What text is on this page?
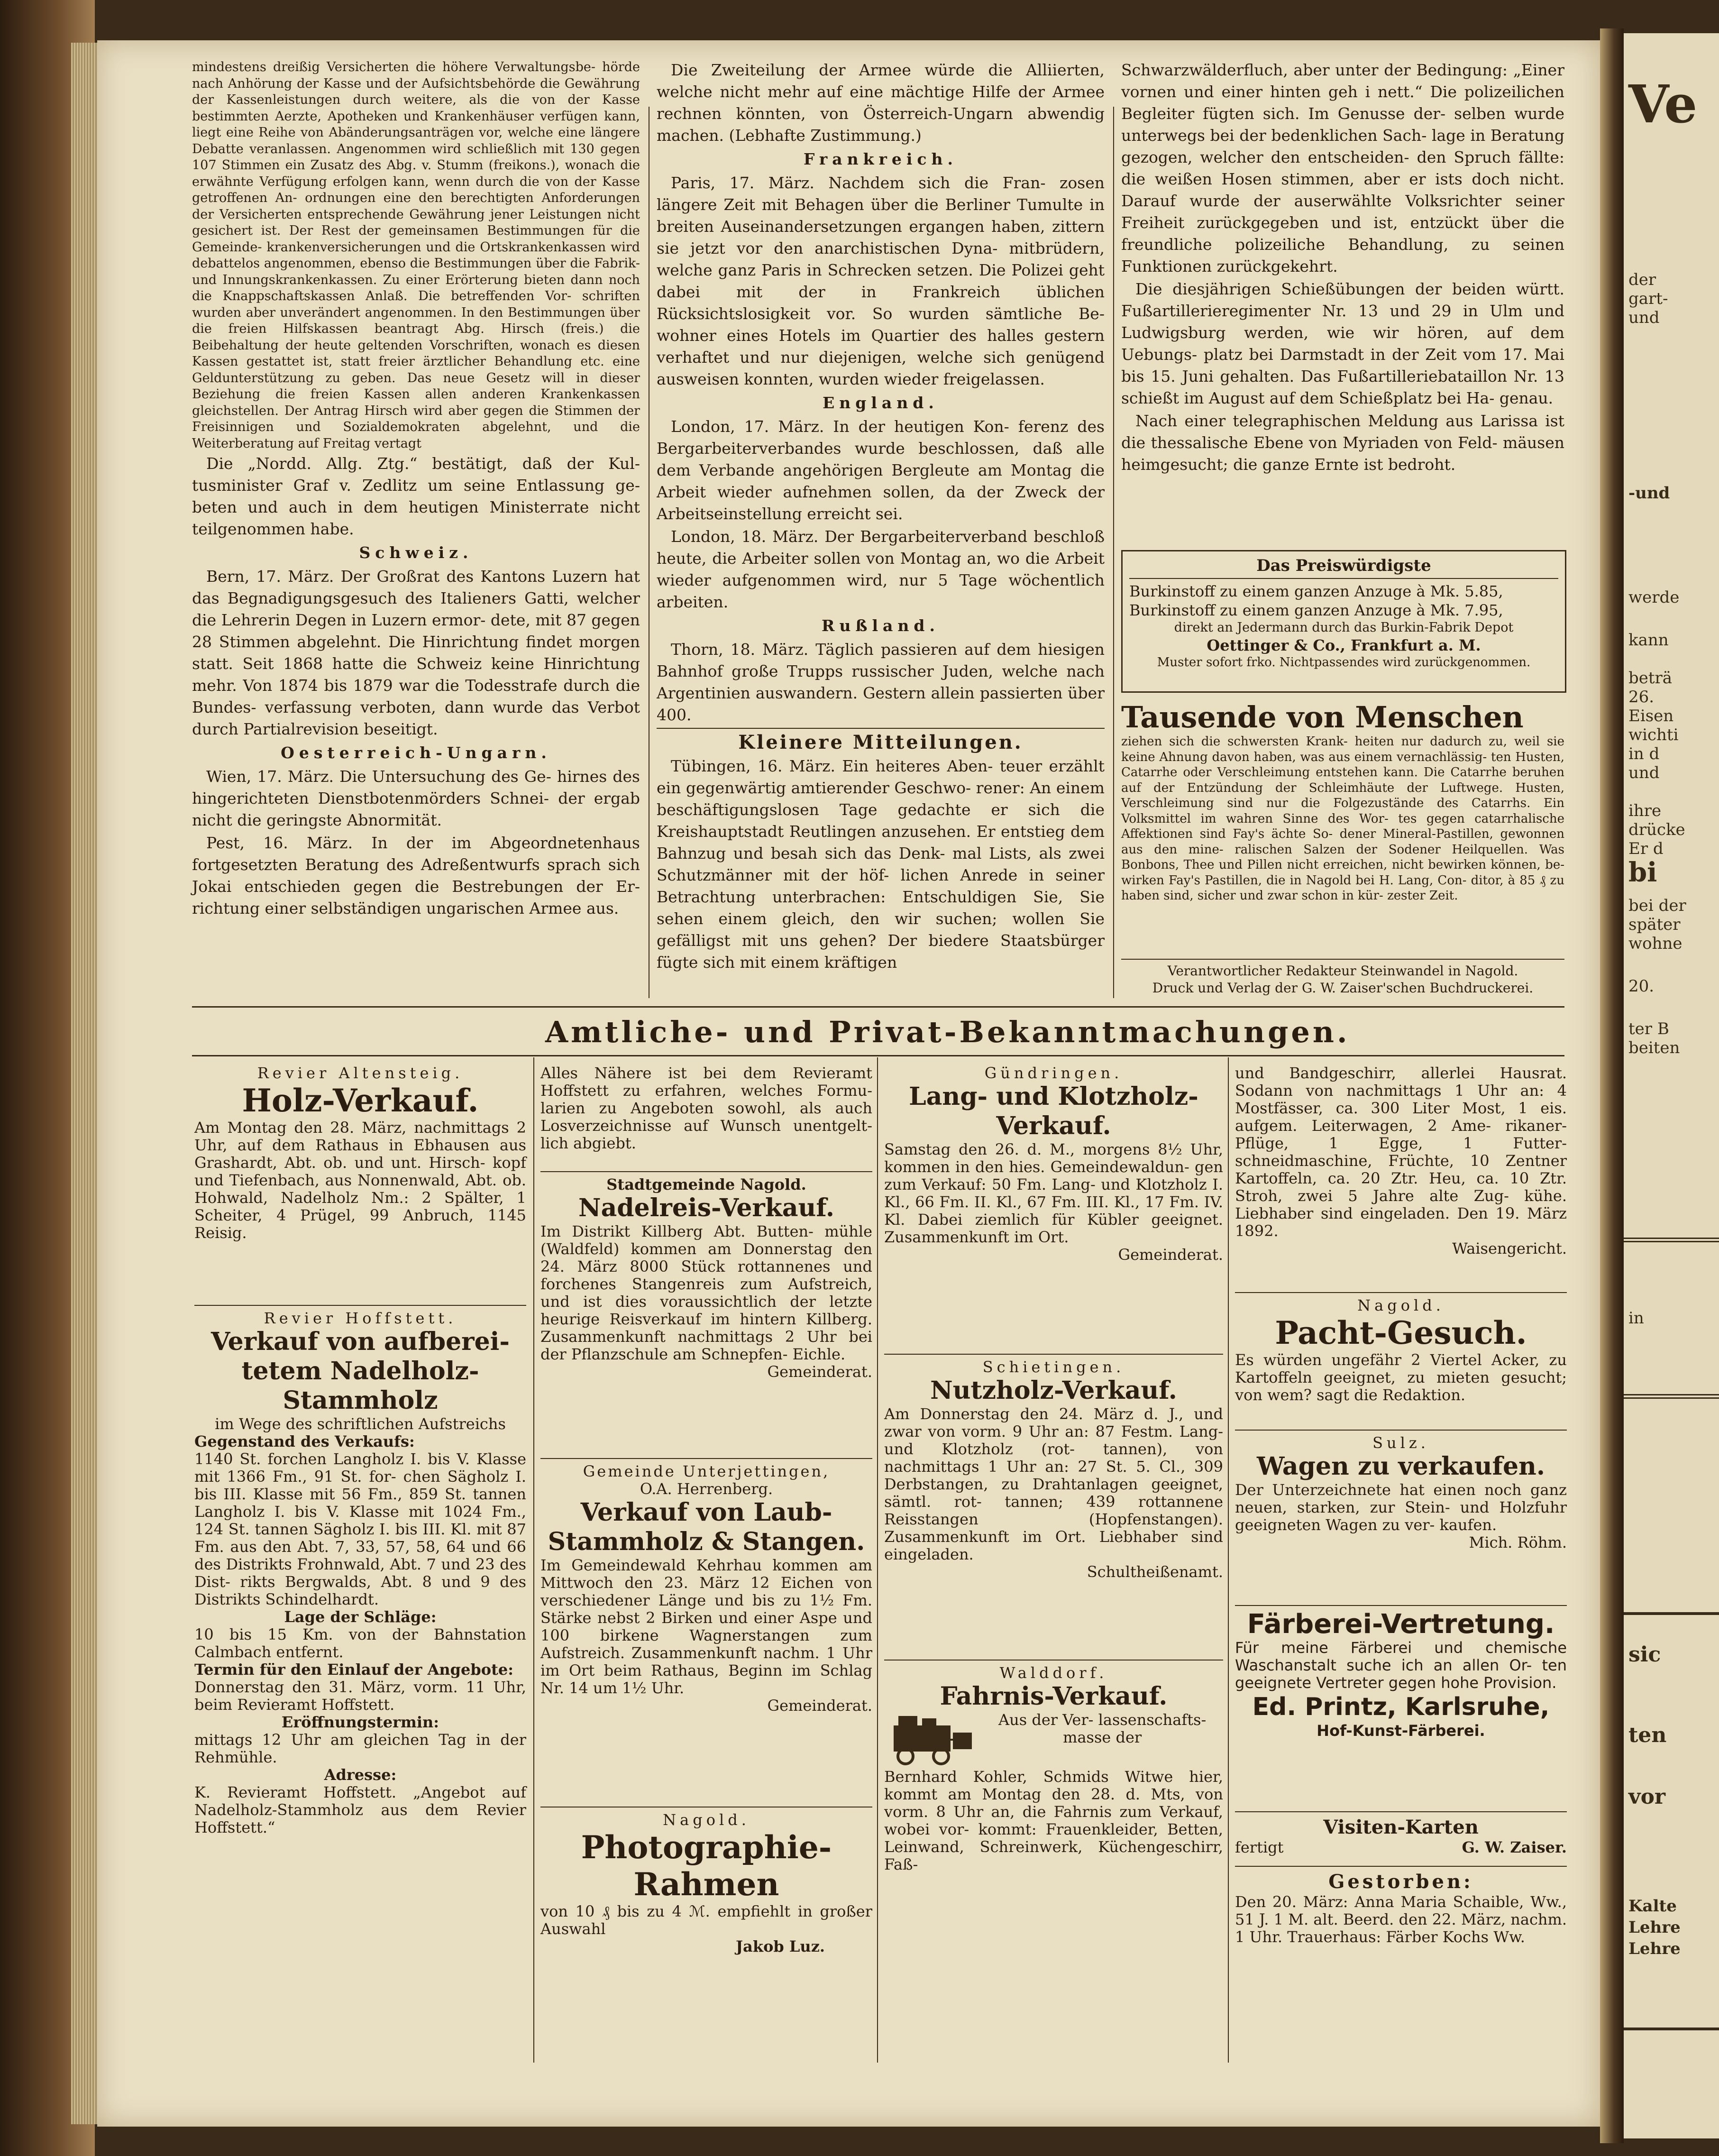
mindestens dreißig Versicherten die höhere Verwaltungsbe- hörde nach Anhörung der Kasse und der Aufsichtsbehörde die Gewährung der Kassenleistungen durch weitere, als die von der Kasse bestimmten Aerzte, Apotheken und Krankenhäuser verfügen kann, liegt eine Reihe von Abänderungsanträgen vor, welche eine längere Debatte veranlassen. Angenommen wird schließlich mit 130 gegen 107 Stimmen ein Zusatz des Abg. v. Stumm (freikons.), wonach die erwähnte Verfügung erfolgen kann, wenn durch die von der Kasse getroffenen An- ordnungen eine den berechtigten Anforderungen der Versicherten entsprechende Gewährung jener Leistungen nicht gesichert ist. Der Rest der gemeinsamen Bestimmungen für die Gemeinde- krankenversicherungen und die Ortskrankenkassen wird debattelos angenommen, ebenso die Bestimmungen über die Fabrik- und Innungskrankenkassen. Zu einer Erörterung bieten dann noch die Knappschaftskassen Anlaß. Die betreffenden Vor- schriften wurden aber unverändert angenommen. In den Bestimmungen über die freien Hilfskassen beantragt Abg. Hirsch (freis.) die Beibehaltung der heute geltenden Vorschriften, wonach es diesen Kassen gestattet ist, statt freier ärztlicher Behandlung etc. eine Geldunterstützung zu geben. Das neue Gesetz will in dieser Beziehung die freien Kassen allen anderen Krankenkassen gleichstellen. Der Antrag Hirsch wird aber gegen die Stimmen der Freisinnigen und Sozialdemokraten abgelehnt, und die Weiterberatung auf Freitag vertagt

Die „Nordd. Allg. Ztg.“ bestätigt, daß der Kul- tusminister Graf v. Zedlitz um seine Entlassung ge- beten und auch in dem heutigen Ministerrate nicht teilgenommen habe.

Schweiz.

Bern, 17. März. Der Großrat des Kantons Luzern hat das Begnadigungsgesuch des Italieners Gatti, welcher die Lehrerin Degen in Luzern ermor- dete, mit 87 gegen 28 Stimmen abgelehnt. Die Hinrichtung findet morgen statt. Seit 1868 hatte die Schweiz keine Hinrichtung mehr. Von 1874 bis 1879 war die Todesstrafe durch die Bundes- verfassung verboten, dann wurde das Verbot durch Partialrevision beseitigt.

Oesterreich-Ungarn.

Wien, 17. März. Die Untersuchung des Ge- hirnes des hingerichteten Dienstbotenmörders Schnei- der ergab nicht die geringste Abnormität.

Pest, 16. März. In der im Abgeordnetenhaus fortgesetzten Beratung des Adreßentwurfs sprach sich Jokai entschieden gegen die Bestrebungen der Er- richtung einer selbständigen ungarischen Armee aus.

Die Zweiteilung der Armee würde die Alliierten, welche nicht mehr auf eine mächtige Hilfe der Armee rechnen könnten, von Österreich-Ungarn abwendig machen. (Lebhafte Zustimmung.)

Frankreich.

Paris, 17. März. Nachdem sich die Fran- zosen längere Zeit mit Behagen über die Berliner Tumulte in breiten Auseinandersetzungen ergangen haben, zittern sie jetzt vor den anarchistischen Dyna- mitbrüdern, welche ganz Paris in Schrecken setzen. Die Polizei geht dabei mit der in Frankreich üblichen Rücksichtslosigkeit vor. So wurden sämtliche Be- wohner eines Hotels im Quartier des halles gestern verhaftet und nur diejenigen, welche sich genügend ausweisen konnten, wurden wieder freigelassen.

England.

London, 17. März. In der heutigen Kon- ferenz des Bergarbeiterverbandes wurde beschlossen, daß alle dem Verbande angehörigen Bergleute am Montag die Arbeit wieder aufnehmen sollen, da der Zweck der Arbeitseinstellung erreicht sei.

London, 18. März. Der Bergarbeiterverband beschloß heute, die Arbeiter sollen von Montag an, wo die Arbeit wieder aufgenommen wird, nur 5 Tage wöchentlich arbeiten.

Rußland.

Thorn, 18. März. Täglich passieren auf dem hiesigen Bahnhof große Trupps russischer Juden, welche nach Argentinien auswandern. Gestern allein passierten über 400.

Kleinere Mitteilungen.

Tübingen, 16. März. Ein heiteres Aben- teuer erzählt ein gegenwärtig amtierender Geschwo- rener: An einem beschäftigungslosen Tage gedachte er sich die Kreishauptstadt Reutlingen anzusehen. Er entstieg dem Bahnzug und besah sich das Denk- mal Lists, als zwei Schutzmänner mit der höf- lichen Anrede in seiner Betrachtung unterbrachen: Entschuldigen Sie, Sie sehen einem gleich, den wir suchen; wollen Sie gefälligst mit uns gehen? Der biedere Staatsbürger fügte sich mit einem kräftigen

Schwarzwälderfluch, aber unter der Bedingung: „Einer vornen und einer hinten geh i nett.“ Die polizeilichen Begleiter fügten sich. Im Genusse der- selben wurde unterwegs bei der bedenklichen Sach- lage in Beratung gezogen, welcher den entscheiden- den Spruch fällte: die weißen Hosen stimmen, aber er ists doch nicht. Darauf wurde der auserwählte Volksrichter seiner Freiheit zurückgegeben und ist, entzückt über die freundliche polizeiliche Behandlung, zu seinen Funktionen zurückgekehrt.

Die diesjährigen Schießübungen der beiden württ. Fußartillerieregimenter Nr. 13 und 29 in Ulm und Ludwigsburg werden, wie wir hören, auf dem Uebungs- platz bei Darmstadt in der Zeit vom 17. Mai bis 15. Juni gehalten. Das Fußartilleriebataillon Nr. 13 schießt im August auf dem Schießplatz bei Ha- genau.

Nach einer telegraphischen Meldung aus Larissa ist die thessalische Ebene von Myriaden von Feld- mäusen heimgesucht; die ganze Ernte ist bedroht.

Das Preiswürdigste
Burkinstoff zu einem ganzen Anzuge à Mk. 5.85,
Burkinstoff zu einem ganzen Anzuge à Mk. 7.95,
direkt an Jedermann durch das Burkin-Fabrik Depot
Oettinger & Co., Frankfurt a. M.
Muster sofort frko. Nichtpassendes wird zurückgenommen.
Tausende von Menschen
ziehen sich die schwersten Krank- heiten nur dadurch zu, weil sie keine Ahnung davon haben, was aus einem vernachlässig- ten Husten, Catarrhe oder Verschleimung entstehen kann. Die Catarrhe beruhen auf der Entzündung der Schleimhäute der Luftwege. Husten, Verschleimung sind nur die Folgezustände des Catarrhs. Ein Volksmittel im wahren Sinne des Wor- tes gegen catarrhalische Affektionen sind Fay's ächte So- dener Mineral-Pastillen, gewonnen aus den mine- ralischen Salzen der Sodener Heilquellen. Was Bonbons, Thee und Pillen nicht erreichen, nicht bewirken können, be- wirken Fay's Pastillen, die in Nagold bei H. Lang, Con- ditor, à 85 ₰ zu haben sind, sicher und zwar schon in kür- zester Zeit.
Verantwortlicher Redakteur Steinwandel in Nagold.
Druck und Verlag der G. W. Zaiser'schen Buchdruckerei.
Amtliche- und Privat-Bekanntmachungen.
Revier Altensteig.
Holz-Verkauf.
Am Montag den 28. März, nachmittags 2 Uhr, auf dem Rathaus in Ebhausen aus Grashardt, Abt. ob. und unt. Hirsch- kopf und Tiefenbach, aus Nonnenwald, Abt. ob. Hohwald, Nadelholz Nm.: 2 Spälter, 1 Scheiter, 4 Prügel, 99 Anbruch, 1145 Reisig.
Revier Hoffstett.
Verkauf von aufberei- tetem Nadelholz- Stammholz
im Wege des schriftlichen Aufstreichs
Gegenstand des Verkaufs:
1140 St. forchen Langholz I. bis V. Klasse mit 1366 Fm., 91 St. for- chen Sägholz I. bis III. Klasse mit 56 Fm., 859 St. tannen Langholz I. bis V. Klasse mit 1024 Fm., 124 St. tannen Sägholz I. bis III. Kl. mit 87 Fm. aus den Abt. 7, 33, 57, 58, 64 und 66 des Distrikts Frohnwald, Abt. 7 und 23 des Dist- rikts Bergwalds, Abt. 8 und 9 des Distrikts Schindelhardt.
Lage der Schläge:
10 bis 15 Km. von der Bahnstation Calmbach entfernt.
Termin für den Einlauf der Angebote:
Donnerstag den 31. März, vorm. 11 Uhr, beim Revieramt Hoffstett.
Eröffnungstermin:
mittags 12 Uhr am gleichen Tag in der Rehmühle.
Adresse:
K. Revieramt Hoffstett. „Angebot auf Nadelholz-Stammholz aus dem Revier Hoffstett.“
Alles Nähere ist bei dem Revieramt Hoffstett zu erfahren, welches Formu- larien zu Angeboten sowohl, als auch Losverzeichnisse auf Wunsch unentgelt- lich abgiebt.
Stadtgemeinde Nagold.
Nadelreis-Verkauf.
Im Distrikt Killberg Abt. Butten- mühle (Waldfeld) kommen am Donnerstag den 24. März 8000 Stück rottannenes und forchenes Stangenreis zum Aufstreich, und ist dies voraussichtlich der letzte heurige Reisverkauf im hintern Killberg. Zusammenkunft nachmittags 2 Uhr bei der Pflanzschule am Schnepfen- Eichle.
Gemeinderat.
Gemeinde Unterjettingen,
O.A. Herrenberg.
Verkauf von Laub- Stammholz & Stangen.
Im Gemeindewald Kehrhau kommen am Mittwoch den 23. März 12 Eichen von verschiedener Länge und bis zu 1½ Fm. Stärke nebst 2 Birken und einer Aspe und 100 birkene Wagnerstangen zum Aufstreich. Zusammenkunft nachm. 1 Uhr im Ort beim Rathaus, Beginn im Schlag Nr. 14 um 1½ Uhr.
Gemeinderat.
Nagold.
Photographie- Rahmen
von 10 ₰ bis zu 4 ℳ. empfiehlt in großer Auswahl
Jakob Luz.
Gündringen.
Lang- und Klotzholz- Verkauf.
Samstag den 26. d. M., morgens 8½ Uhr, kommen in den hies. Gemeindewaldun- gen zum Verkauf: 50 Fm. Lang- und Klotzholz I. Kl., 66 Fm. II. Kl., 67 Fm. III. Kl., 17 Fm. IV. Kl. Dabei ziemlich für Kübler geeignet. Zusammenkunft im Ort.
Gemeinderat.
Schietingen.
Nutzholz-Verkauf.
Am Donnerstag den 24. März d. J., und zwar von vorm. 9 Uhr an: 87 Festm. Lang- und Klotzholz (rot- tannen), von nachmittags 1 Uhr an: 27 St. 5. Cl., 309 Derbstangen, zu Drahtanlagen geeignet, sämtl. rot- tannen; 439 rottannene Reisstangen (Hopfenstangen). Zusammenkunft im Ort. Liebhaber sind eingeladen.
Schultheißenamt.
Walddorf.
Fahrnis-Verkauf.
Aus der Ver- lassenschafts- masse der
Bernhard Kohler, Schmids Witwe hier, kommt am Montag den 28. d. Mts, von vorm. 8 Uhr an, die Fahrnis zum Verkauf, wobei vor- kommt: Frauenkleider, Betten, Leinwand, Schreinwerk, Küchengeschirr, Faß-
und Bandgeschirr, allerlei Hausrat. Sodann von nachmittags 1 Uhr an: 4 Mostfässer, ca. 300 Liter Most, 1 eis. aufgem. Leiterwagen, 2 Ame- rikaner-Pflüge, 1 Egge, 1 Futter- schneidmaschine, Früchte, 10 Zentner Kartoffeln, ca. 20 Ztr. Heu, ca. 10 Ztr. Stroh, zwei 5 Jahre alte Zug- kühe. Liebhaber sind eingeladen. Den 19. März 1892.
Waisengericht.
Nagold.
Pacht-Gesuch.
Es würden ungefähr 2 Viertel Acker, zu Kartoffeln geeignet, zu mieten gesucht; von wem? sagt die Redaktion.
Sulz.
Wagen zu verkaufen.
Der Unterzeichnete hat einen noch ganz neuen, starken, zur Stein- und Holzfuhr geeigneten Wagen zu ver- kaufen.
Mich. Röhm.
Färberei-Vertretung.
Für meine Färberei und chemische Waschanstalt suche ich an allen Or- ten geeignete Vertreter gegen hohe Provision.
Ed. Printz, Karlsruhe,
Hof-Kunst-Färberei.
Visiten-Karten
fertigt	G. W. Zaiser.
Gestorben:
Den 20. März: Anna Maria Schaible, Ww., 51 J. 1 M. alt. Beerd. den 22. März, nachm. 1 Uhr. Trauerhaus: Färber Kochs Ww.
Ve
der
gart-
und
-und
werde
kann
beträ
26.
Eisen
wichti
in d
und
ihre
drücke
Er d
bi
bei der
später
wohne
20.
ter B
beiten
in
sic
ten
vor
Kalte
Lehre
Lehre
